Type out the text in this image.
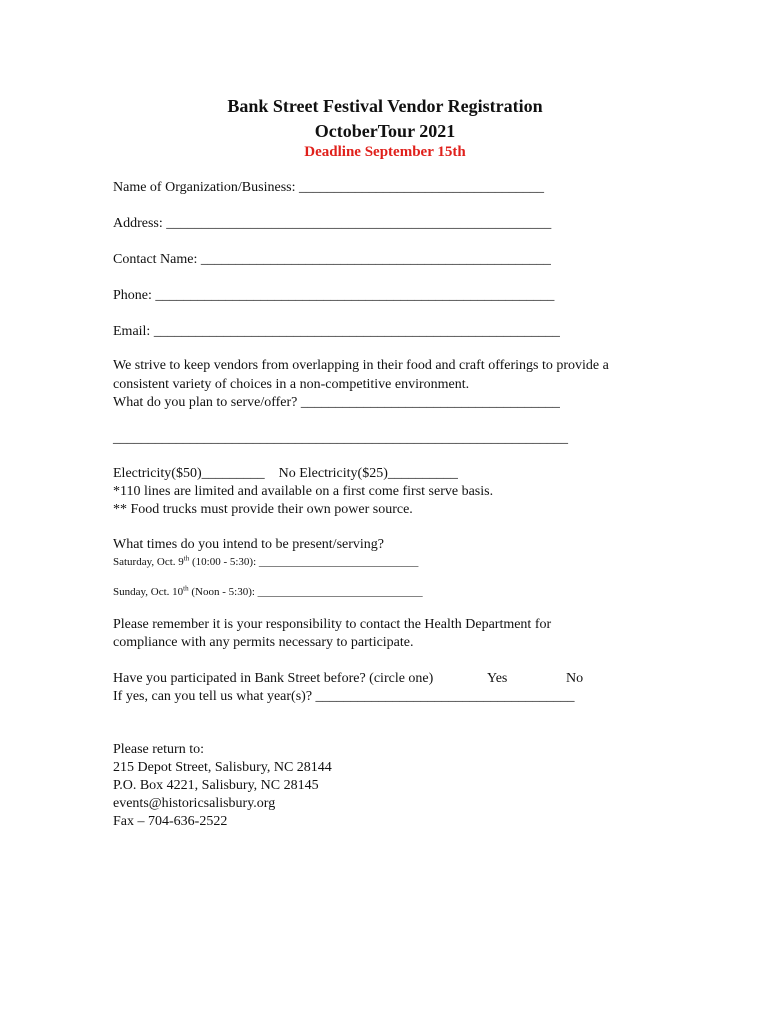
Bank Street Festival Vendor Registration
OctoberTour 2021
Deadline September 15th
Name of Organization/Business: ___________________________________
Address: _______________________________________________________
Contact Name: __________________________________________________
Phone: _________________________________________________________
Email: __________________________________________________________
We strive to keep vendors from overlapping in their food and craft offerings to provide a
consistent variety of choices in a non-competitive environment.
What do you plan to serve/offer? _____________________________________
_________________________________________________________________
Electricity($50)_________    No Electricity($25)__________
*110 lines are limited and available on a first come first serve basis.
** Food trucks must provide their own power source.
What times do you intend to be present/serving?
Saturday, Oct. 9th (10:00 - 5:30): _____________________________
Sunday, Oct. 10th (Noon - 5:30): ______________________________
Please remember it is your responsibility to contact the Health Department for
compliance with any permits necessary to participate.
Have you participated in Bank Street before? (circle one)	Yes	No
If yes, can you tell us what year(s)? _____________________________________
Please return to:
215 Depot Street, Salisbury, NC 28144
P.O. Box 4221, Salisbury, NC 28145
events@historicsalisbury.org
Fax – 704-636-2522
